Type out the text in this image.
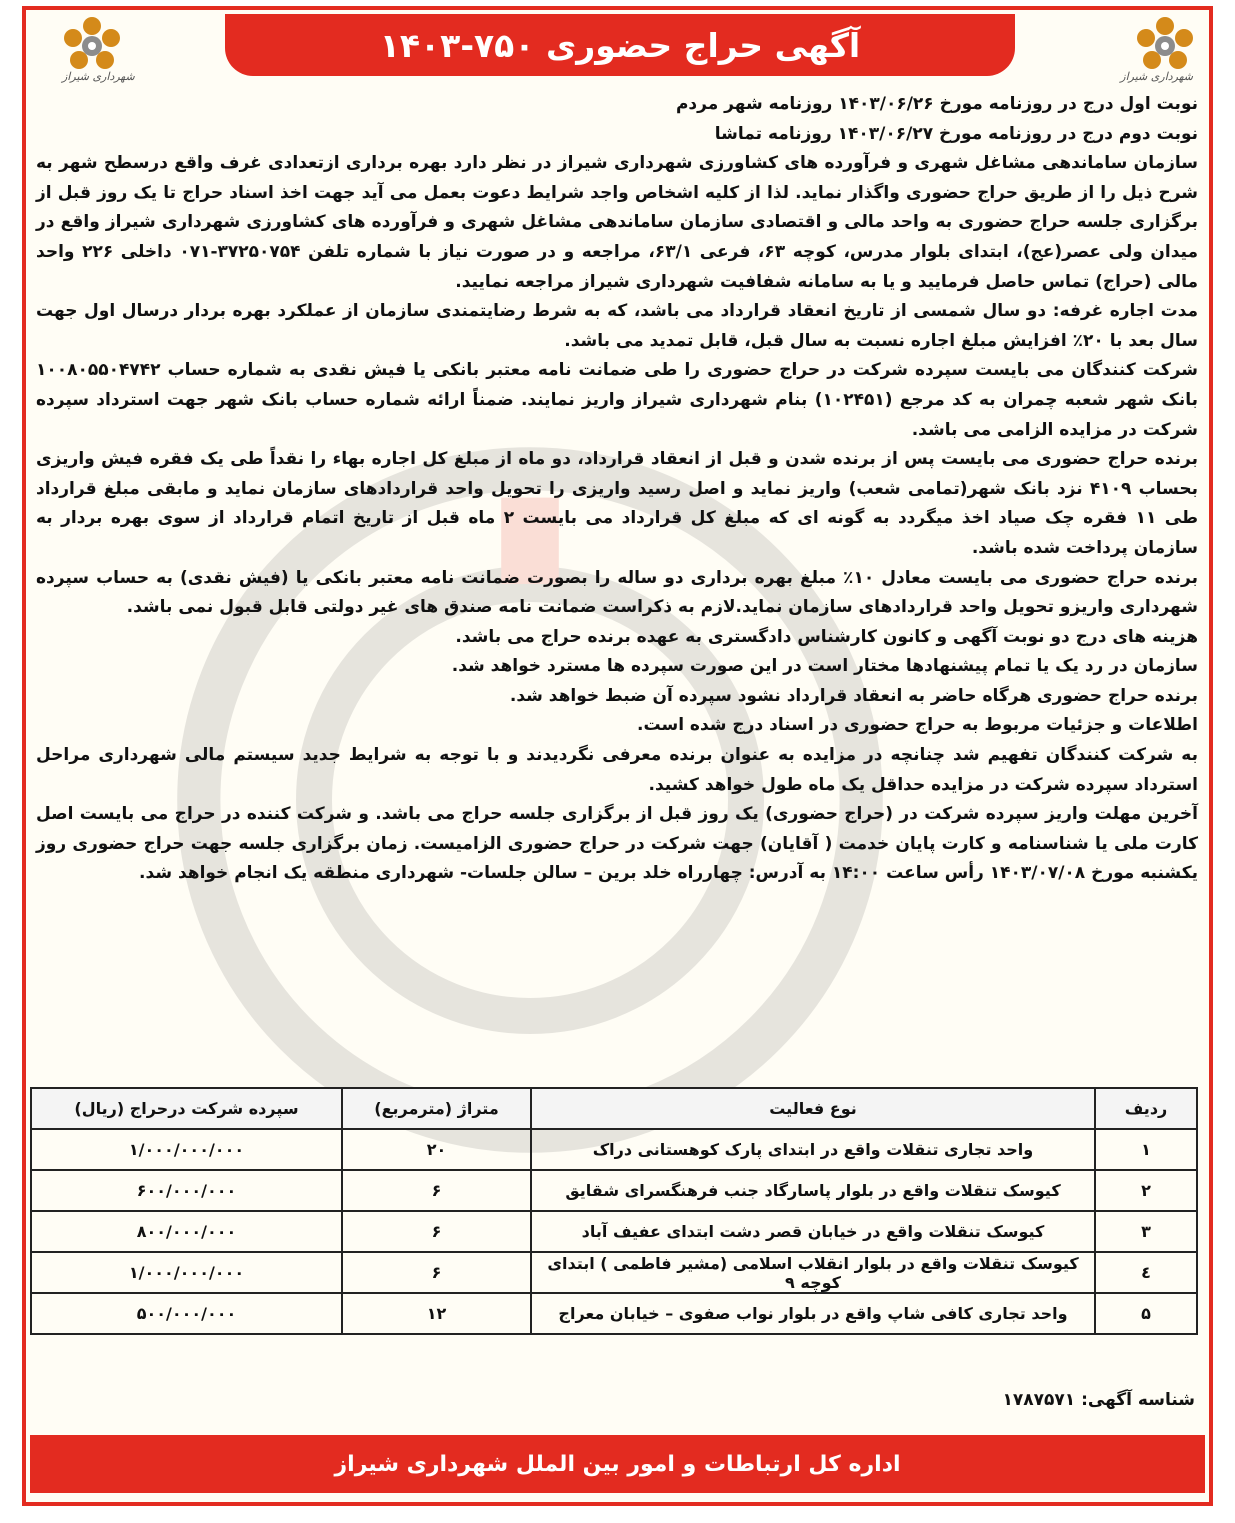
آگهی حراج حضوری ۷۵۰-۱۴۰۳
شهرداری شیراز
شهرداری شیراز

نوبت اول درج در روزنامه مورخ ۱۴۰۳/۰۶/۲۶ روزنامه شهر مردم

نوبت دوم درج در روزنامه مورخ ۱۴۰۳/۰۶/۲۷ روزنامه تماشا

سازمان ساماندهی مشاغل شهری و فرآورده های کشاورزی شهرداری شیراز در نظر دارد بهره برداری ازتعدادی غرف واقع درسطح شهر به شرح ذیل را از طریق حراج حضوری واگذار نماید. لذا از کلیه اشخاص واجد شرایط دعوت بعمل می آید جهت اخذ اسناد حراج تا یک روز قبل از برگزاری جلسه حراج حضوری به واحد مالی و اقتصادی سازمان ساماندهی مشاغل شهری و فرآورده های کشاورزی شهرداری شیراز واقع در میدان ولی عصر(عج)، ابتدای بلوار مدرس، کوچه ۶۳، فرعی ۶۳/۱، مراجعه و در صورت نیاز با شماره تلفن ۳۷۲۵۰۷۵۴-۰۷۱ داخلی ۲۲۶ واحد مالی (حراج) تماس حاصل فرمایید و یا به سامانه شفافیت شهرداری شیراز مراجعه نمایید.

مدت اجاره غرفه: دو سال شمسی از تاریخ انعقاد قرارداد می باشد، که به شرط رضایتمندی سازمان از عملکرد بهره بردار درسال اول جهت سال بعد با ۲۰٪ افزایش مبلغ اجاره نسبت به سال قبل، قابل تمدید می باشد.

شرکت کنندگان می بایست سپرده شرکت در حراج حضوری را طی ضمانت نامه معتبر بانکی یا فیش نقدی به شماره حساب ۱۰۰۸۰۵۵۰۴۷۴۲ بانک شهر شعبه چمران به کد مرجع (۱۰۲۴۵۱) بنام شهرداری شیراز واریز نمایند. ضمناً ارائه شماره حساب بانک شهر جهت استرداد سپرده شرکت در مزایده الزامی می باشد.

برنده حراج حضوری می بایست پس از برنده شدن و قبل از انعقاد قرارداد، دو ماه از مبلغ کل اجاره بهاء را نقداً طی یک فقره فیش واریزی بحساب ۴۱۰۹ نزد بانک شهر(تمامی شعب) واریز نماید و اصل رسید واریزی را تحویل واحد قراردادهای سازمان نماید و مابقی مبلغ قرارداد طی ۱۱ فقره چک صیاد اخذ میگردد به گونه ای که مبلغ کل قرارداد می بایست ۲ ماه قبل از تاریخ اتمام قرارداد از سوی بهره بردار به سازمان پرداخت شده باشد.

برنده حراج حضوری می بایست معادل ۱۰٪ مبلغ بهره برداری دو ساله را بصورت ضمانت نامه معتبر بانکی یا (فیش نقدی) به حساب سپرده شهرداری واریزو تحویل واحد قراردادهای سازمان نماید.لازم به ذکراست ضمانت نامه صندق های غیر دولتی قابل قبول نمی باشد.

هزینه های درج دو نوبت آگهی و کانون کارشناس دادگستری به عهده برنده حراج می باشد.

سازمان در رد یک یا تمام پیشنهادها مختار است در این صورت سپرده ها مسترد خواهد شد.

برنده حراج حضوری هرگاه حاضر به انعقاد قرارداد نشود سپرده آن ضبط خواهد شد.

اطلاعات و جزئیات مربوط به حراج حضوری در اسناد درج شده است.

به شرکت کنندگان تفهیم شد چنانچه در مزایده به عنوان برنده معرفی نگردیدند و با توجه به شرایط جدید سیستم مالی شهرداری مراحل استرداد سپرده شرکت در مزایده حداقل یک ماه طول خواهد کشید.

آخرین مهلت واریز سپرده شرکت در (حراج حضوری) یک روز قبل از برگزاری جلسه حراج می باشد. و شرکت کننده در حراج می بایست اصل کارت ملی یا شناسنامه و کارت پایان خدمت ( آقایان) جهت شرکت در حراج حضوری الزامیست. زمان برگزاری جلسه جهت حراج حضوری روز یکشنبه مورخ ۱۴۰۳/۰۷/۰۸ رأس ساعت ۱۴:۰۰ به آدرس: چهارراه خلد برین – سالن جلسات- شهرداری منطقه یک انجام خواهد شد.

ردیف	نوع فعالیت	متراژ (مترمربع)	سپرده شرکت درحراج (ریال)
۱	واحد تجاری تنقلات واقع در ابتدای پارک کوهستانی دراک	۲۰	۱/۰۰۰/۰۰۰/۰۰۰
۲	کیوسک تنقلات واقع در بلوار پاسارگاد جنب فرهنگسرای شقایق	۶	۶۰۰/۰۰۰/۰۰۰
۳	کیوسک تنقلات واقع در خیابان قصر دشت ابتدای عفیف آباد	۶	۸۰۰/۰۰۰/۰۰۰
٤	کیوسک تنقلات واقع در بلوار انقلاب اسلامی (مشیر فاطمی ) ابتدای کوچه ۹	۶	۱/۰۰۰/۰۰۰/۰۰۰
۵	واحد تجاری کافی شاپ واقع در بلوار نواب صفوی – خیابان معراج	۱۲	۵۰۰/۰۰۰/۰۰۰
شناسه آگهی: ۱۷۸۷۵۷۱
اداره کل ارتباطات و امور بین الملل شهرداری شیراز
